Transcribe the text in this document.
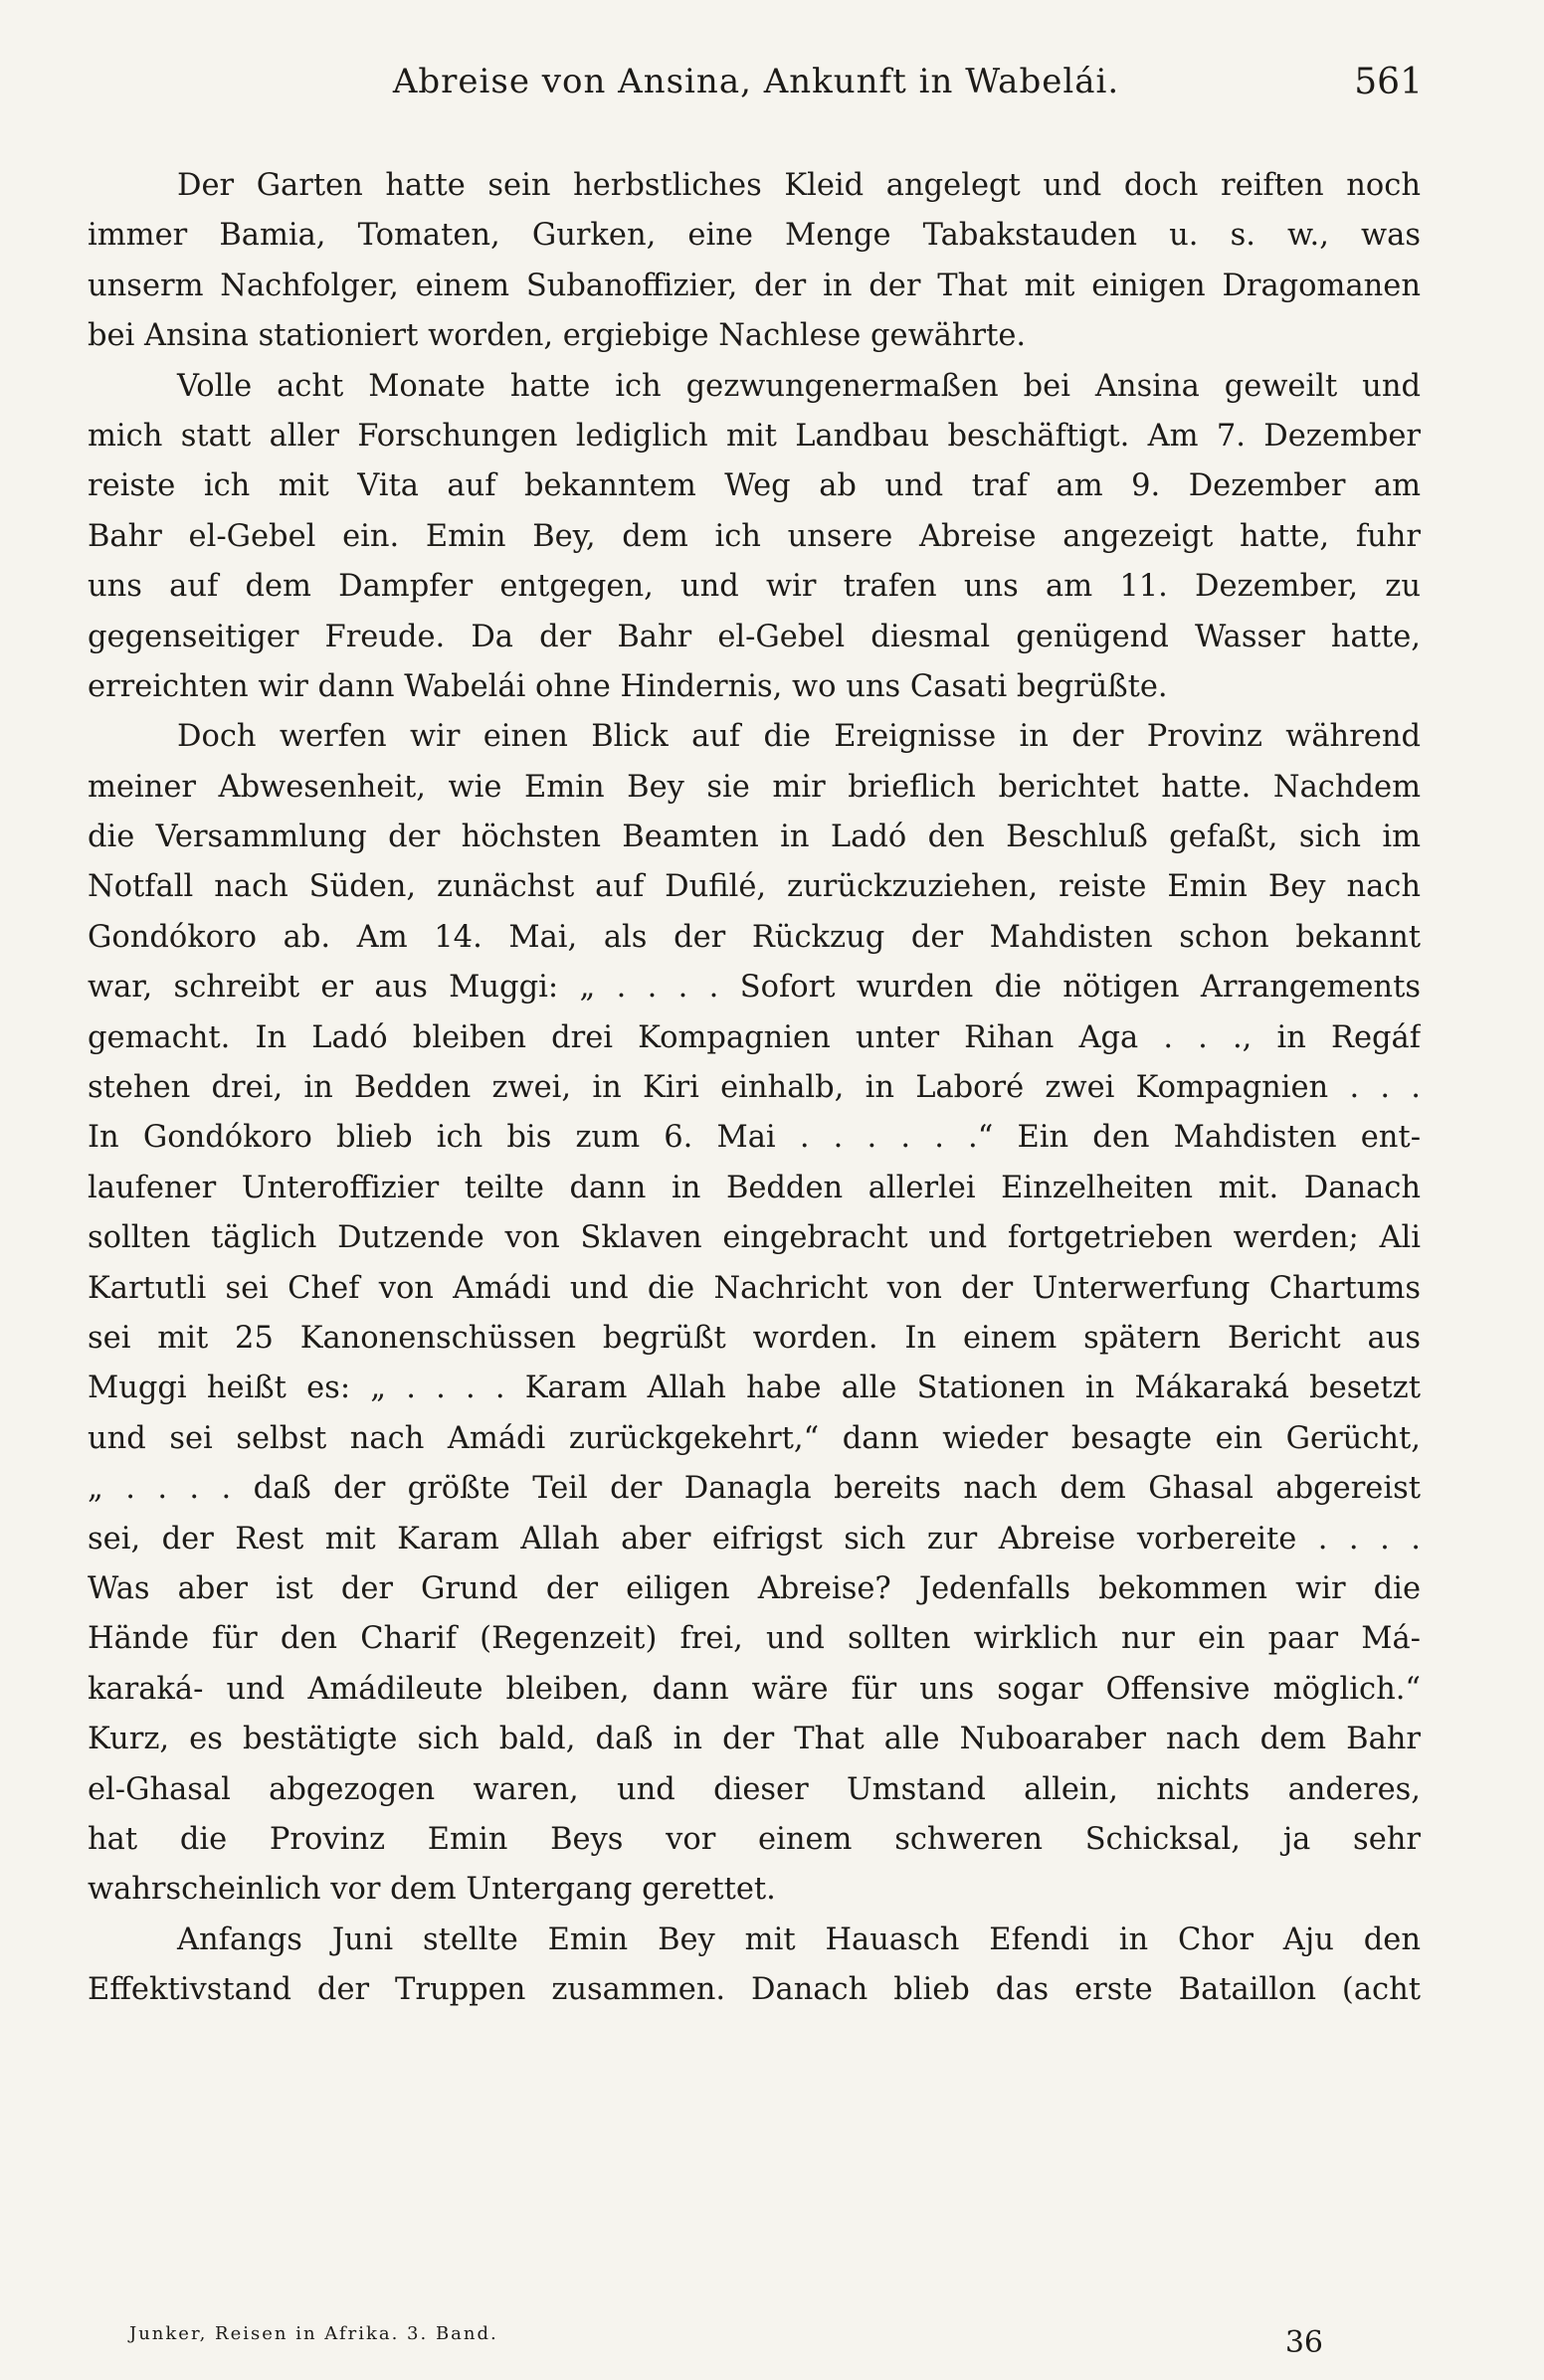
Abreise von Ansina, Ankunft in Wabelái.	561
Der Garten hatte sein herbstliches Kleid angelegt und doch reiften noch
immer Bamia, Tomaten, Gurken, eine Menge Tabakstauden u. s. w., was
unserm Nachfolger, einem Subanoffizier, der in der That mit einigen Dragomanen
bei Ansina stationiert worden, ergiebige Nachlese gewährte.
Volle acht Monate hatte ich gezwungenermaßen bei Ansina geweilt und
mich statt aller Forschungen lediglich mit Landbau beschäftigt. Am 7. Dezember
reiste ich mit Vita auf bekanntem Weg ab und traf am 9. Dezember am
Bahr el-Gebel ein. Emin Bey, dem ich unsere Abreise angezeigt hatte, fuhr
uns auf dem Dampfer entgegen, und wir trafen uns am 11. Dezember, zu
gegenseitiger Freude. Da der Bahr el-Gebel diesmal genügend Wasser hatte,
erreichten wir dann Wabelái ohne Hindernis, wo uns Casati begrüßte.
Doch werfen wir einen Blick auf die Ereignisse in der Provinz während
meiner Abwesenheit, wie Emin Bey sie mir brieflich berichtet hatte. Nachdem
die Versammlung der höchsten Beamten in Ladó den Beschluß gefaßt, sich im
Notfall nach Süden, zunächst auf Dufilé, zurückzuziehen, reiste Emin Bey nach
Gondókoro ab. Am 14. Mai, als der Rückzug der Mahdisten schon bekannt
war, schreibt er aus Muggi: „ . . . . Sofort wurden die nötigen Arrangements
gemacht. In Ladó bleiben drei Kompagnien unter Rihan Aga . . ., in Regáf
stehen drei, in Bedden zwei, in Kiri einhalb, in Laboré zwei Kompagnien . . .
In Gondókoro blieb ich bis zum 6. Mai . . . . . .“ Ein den Mahdisten ent-
laufener Unteroffizier teilte dann in Bedden allerlei Einzelheiten mit. Danach
sollten täglich Dutzende von Sklaven eingebracht und fortgetrieben werden; Ali
Kartutli sei Chef von Amádi und die Nachricht von der Unterwerfung Chartums
sei mit 25 Kanonenschüssen begrüßt worden. In einem spätern Bericht aus
Muggi heißt es: „ . . . . Karam Allah habe alle Stationen in Mákaraká besetzt
und sei selbst nach Amádi zurückgekehrt,“ dann wieder besagte ein Gerücht,
„ . . . . daß der größte Teil der Danagla bereits nach dem Ghasal abgereist
sei, der Rest mit Karam Allah aber eifrigst sich zur Abreise vorbereite . . . .
Was aber ist der Grund der eiligen Abreise? Jedenfalls bekommen wir die
Hände für den Charif (Regenzeit) frei, und sollten wirklich nur ein paar Má-
karaká- und Amádileute bleiben, dann wäre für uns sogar Offensive möglich.“
Kurz, es bestätigte sich bald, daß in der That alle Nuboaraber nach dem Bahr
el-Ghasal abgezogen waren, und dieser Umstand allein, nichts anderes,
hat die Provinz Emin Beys vor einem schweren Schicksal, ja sehr
wahrscheinlich vor dem Untergang gerettet.
Anfangs Juni stellte Emin Bey mit Hauasch Efendi in Chor Aju den
Effektivstand der Truppen zusammen. Danach blieb das erste Bataillon (acht
Junker, Reisen in Afrika. 3. Band.	36
